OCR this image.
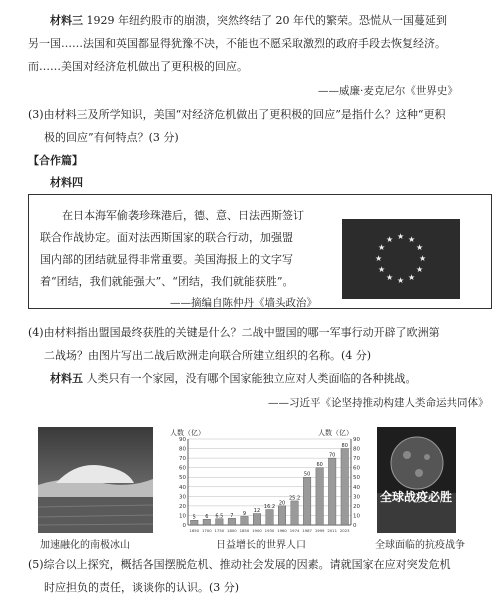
材料三 1929 年纽约股市的崩溃，突然终结了 20 年代的繁荣。恐慌从一国蔓延到
另一国……法国和英国都显得犹豫不决，不能也不愿采取激烈的政府手段去恢复经济。
而……美国对经济危机做出了更积极的回应。
——威廉·麦克尼尔《世界史》
(3)由材料三及所学知识，美国“对经济危机做出了更积极的回应”是指什么？这种“更积
极的回应”有何特点？(3 分)
【合作篇】
材料四
在日本海军偷袭珍珠港后，德、意、日法西斯签订
联合作战协定。面对法西斯国家的联合行动，加强盟
国内部的团结就显得非常重要。美国海报上的文字写
着“团结，我们就能强大”、“团结，我们就能获胜”。
——摘编自陈仲丹《墙头政治》
★ ★
★
★
★
★
★
★
★
★
★
★
(4)由材料指出盟国最终获胜的关键是什么？二战中盟国的哪一军事行动开辟了欧洲第
二战场？由图片写出二战后欧洲走向联合所建立组织的名称。(4 分)
材料五 人类只有一个家园，没有哪个国家能独立应对人类面临的各种挑战。
——习近平《论坚持推动构建人类命运共同体》
人数（亿）	人数（亿）
0	0
10	10
20	20
30	30
40	40
50	50
60	60
70	70
80	80
90	90
5
1650
6
1700
6.5
1750
7
1800
9
1850
12
1900
16.2
1930
20
1960
25.2
1974
50
1987
60
1999
70
2011
80
2023
全球战疫必胜
加速融化的南极冰山	日益增长的世界人口	全球面临的抗疫战争
(5)综合以上探究，概括各国摆脱危机、推动社会发展的因素。请就国家在应对突发危机
时应担负的责任，谈谈你的认识。(3 分)
